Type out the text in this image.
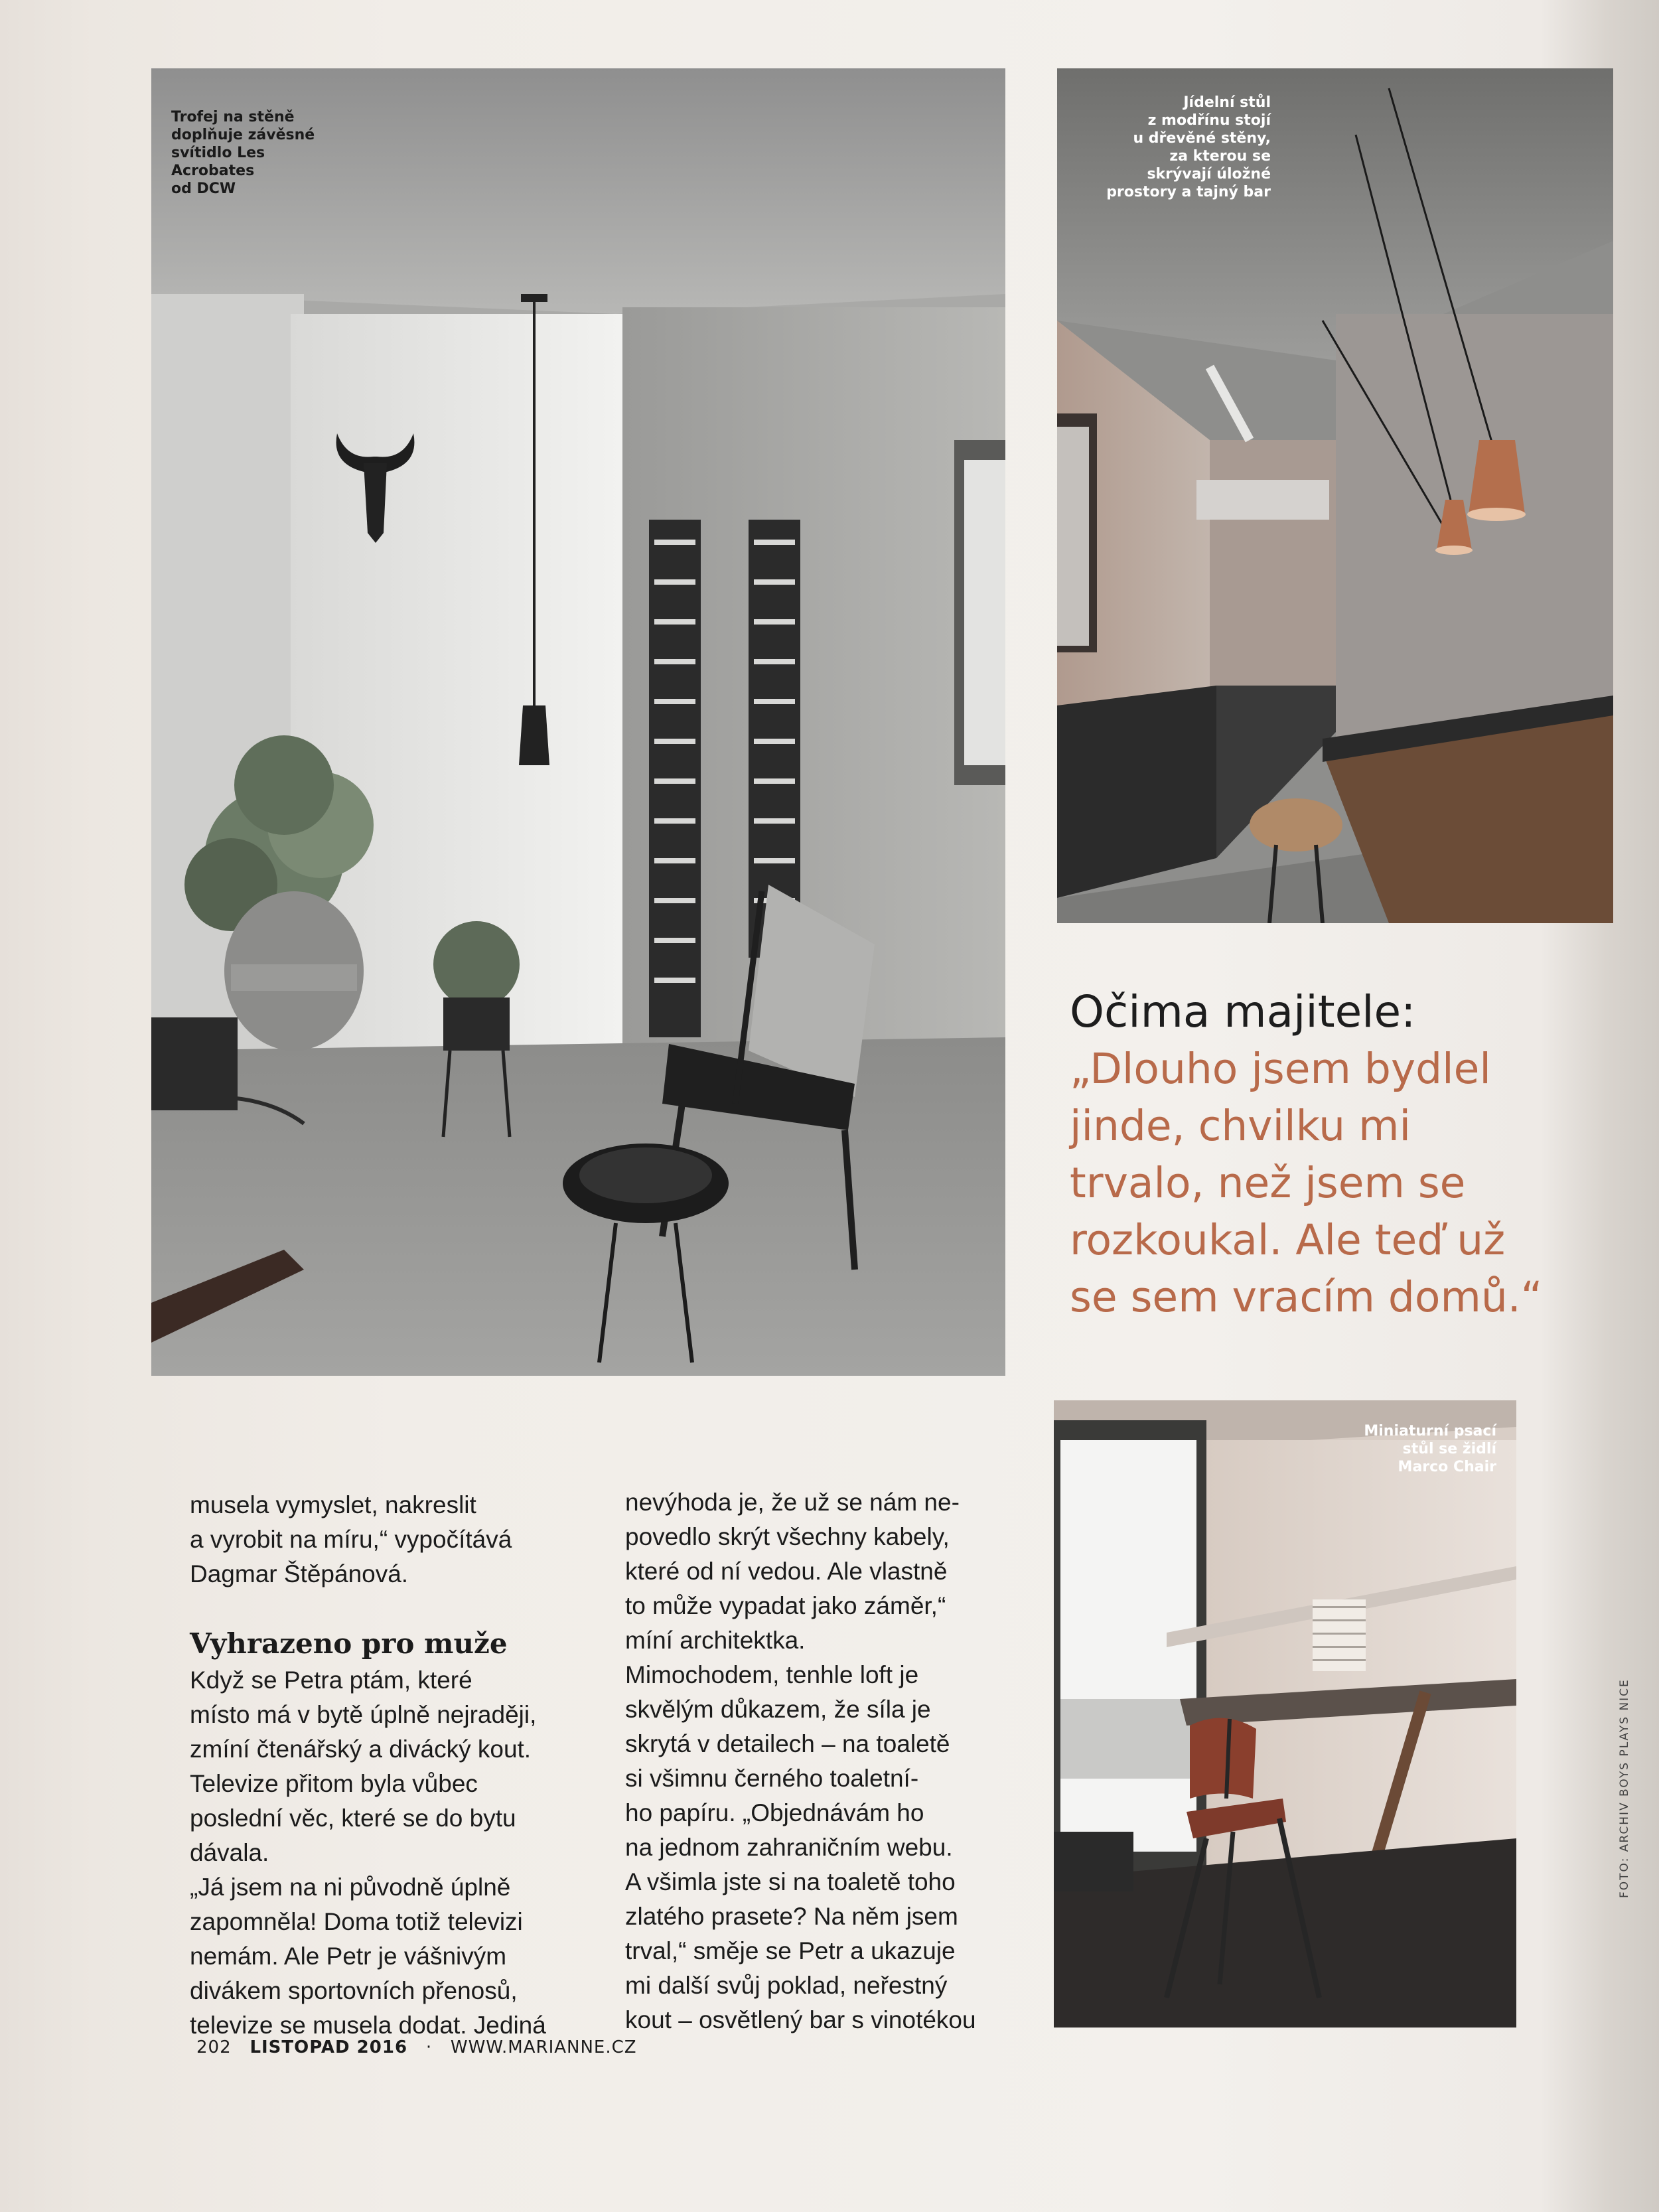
Trofej na stěně
doplňuje závěsné
svítidlo Les
Acrobates
od DCW
Jídelní stůl
z modřínu stojí
u dřevěné stěny,
za kterou se
skrývají úložné
prostory a tajný bar
Očima majitele:
„Dlouho jsem bydlel
jinde, chvilku mi
trvalo, než jsem se
rozkoukal. Ale teď už
se sem vracím domů.“
Miniaturní psací
stůl se židlí
Marco Chair

musela vymyslet, nakreslit

a vyrobit na míru,“ vypočítává

Dagmar Štěpánová.

Vyhrazeno pro muže

Když se Petra ptám, které

místo má v bytě úplně nejraději,

zmíní čtenářský a divácký kout.

Televize přitom byla vůbec

poslední věc, které se do bytu

dávala.

„Já jsem na ni původně úplně

zapomněla! Doma totiž televizi

nemám. Ale Petr je vášnivým

divákem sportovních přenosů,

televize se musela dodat. Jediná

nevýhoda je, že už se nám ne-

povedlo skrýt všechny kabely,

které od ní vedou. Ale vlastně

to může vypadat jako záměr,“

míní architektka.

Mimochodem, tenhle loft je

skvělým důkazem, že síla je

skrytá v detailech – na toaletě

si všimnu černého toaletní-

ho papíru. „Objednávám ho

na jednom zahraničním webu.

A všimla jste si na toaletě toho

zlatého prasete? Na něm jsem

trval,“ směje se Petr a ukazuje

mi další svůj poklad, neřestný

kout – osvětlený bar s vinotékou

202 LISTOPAD 2016 · WWW.MARIANNE.CZ
FOTO: ARCHIV BOYS PLAYS NICE
